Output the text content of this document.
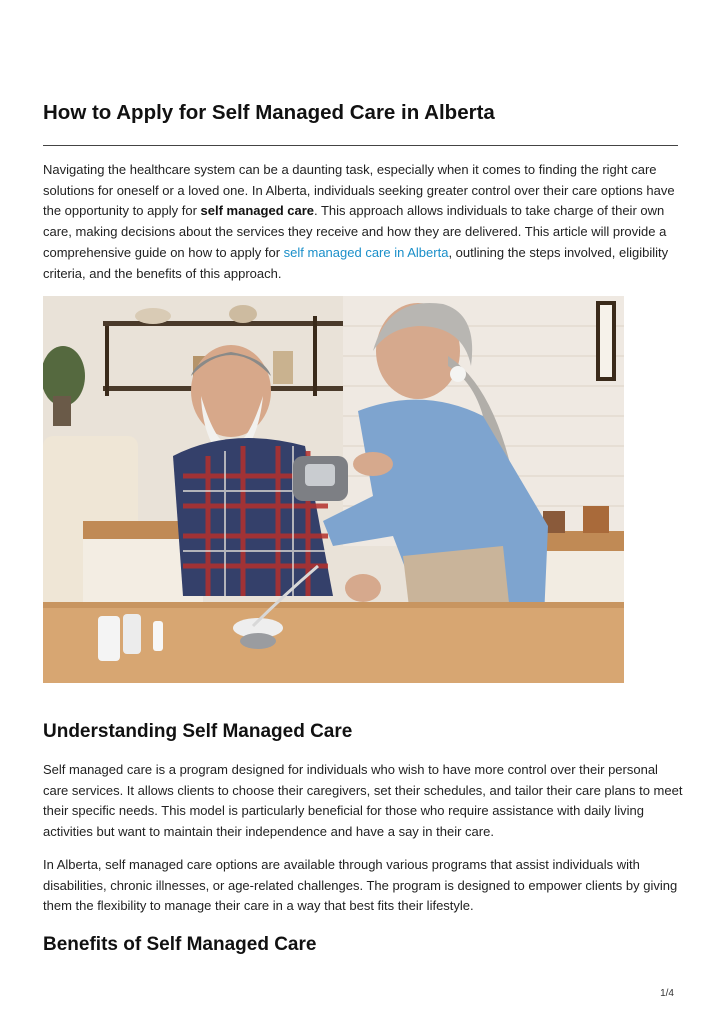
How to Apply for Self Managed Care in Alberta

Navigating the healthcare system can be a daunting task, especially when it comes to finding the right care solutions for oneself or a loved one. In Alberta, individuals seeking greater control over their care options have the opportunity to apply for self managed care. This approach allows individuals to take charge of their own care, making decisions about the services they receive and how they are delivered. This article will provide a comprehensive guide on how to apply for self managed care in Alberta, outlining the steps involved, eligibility criteria, and the benefits of this approach.

Understanding Self Managed Care

Self managed care is a program designed for individuals who wish to have more control over their personal care services. It allows clients to choose their caregivers, set their schedules, and tailor their care plans to meet their specific needs. This model is particularly beneficial for those who require assistance with daily living activities but want to maintain their independence and have a say in their care.

In Alberta, self managed care options are available through various programs that assist individuals with disabilities, chronic illnesses, or age-related challenges. The program is designed to empower clients by giving them the flexibility to manage their care in a way that best fits their lifestyle.

Benefits of Self Managed Care
1/4
